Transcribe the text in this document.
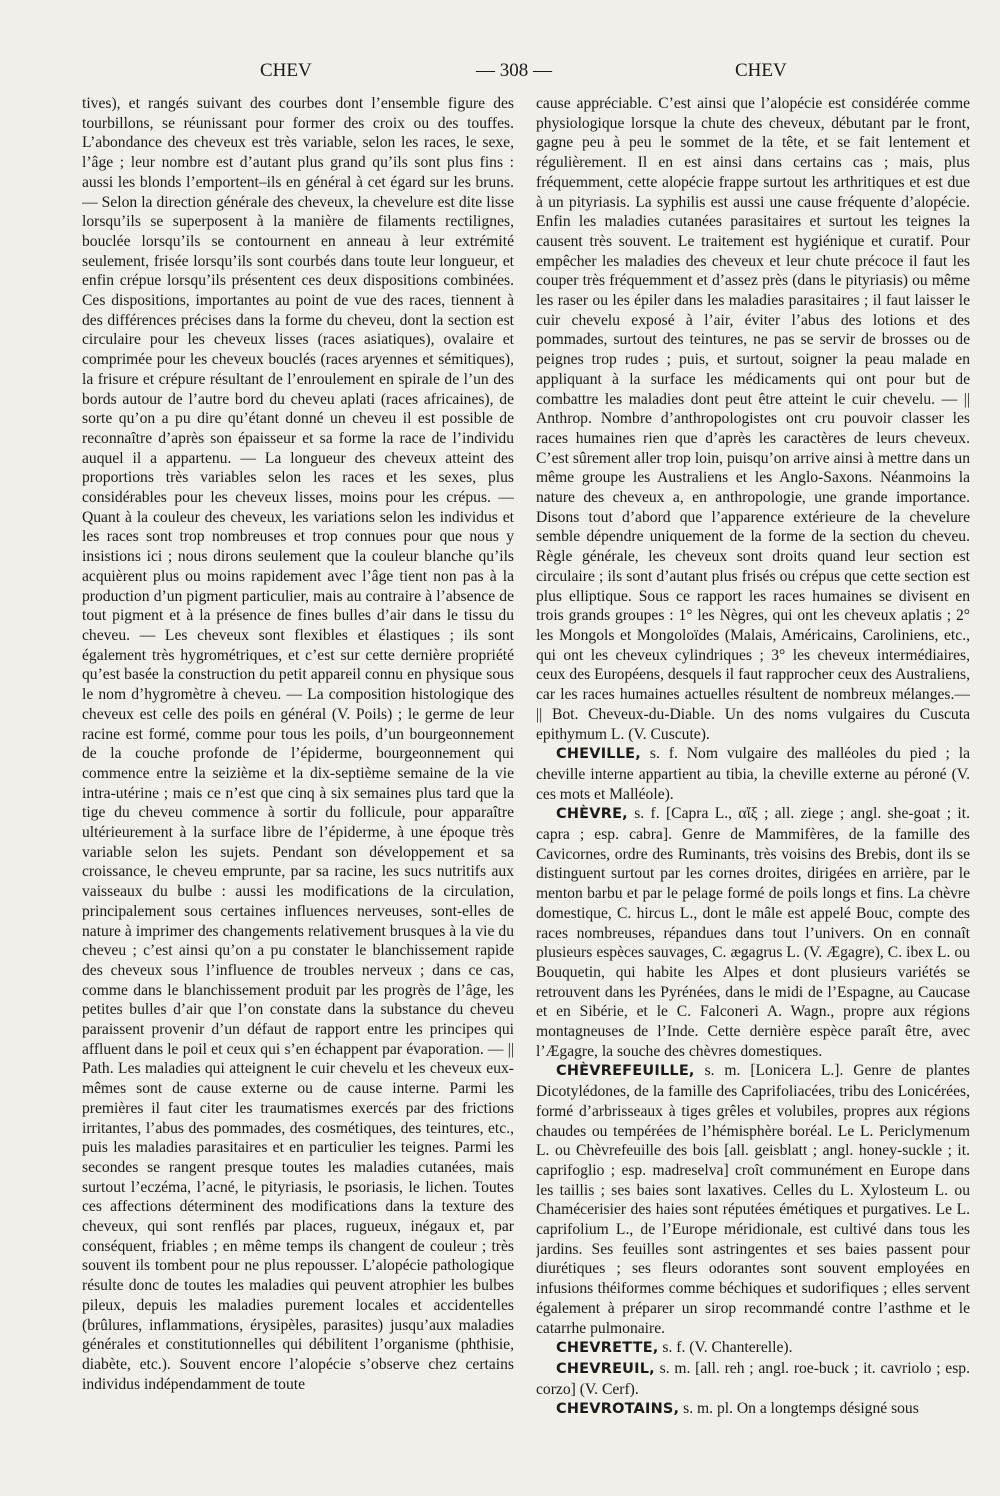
CHEV	— 308 —	CHEV

tives), et rangés suivant des courbes dont l’ensemble figure des tourbillons, se réunissant pour former des croix ou des touffes. L’abondance des cheveux est très variable, selon les races, le sexe, l’âge ; leur nombre est d’autant plus grand qu’ils sont plus fins : aussi les blonds l’emportent–ils en général à cet égard sur les bruns. — Selon la direction générale des cheveux, la chevelure est dite lisse lorsqu’ils se superposent à la manière de filaments rectilignes, bouclée lorsqu’ils se contournent en anneau à leur extrémité seulement, frisée lorsqu’ils sont courbés dans toute leur longueur, et enfin crépue lorsqu’ils présentent ces deux dispositions combinées. Ces dispositions, importantes au point de vue des races, tiennent à des différences précises dans la forme du cheveu, dont la section est circulaire pour les cheveux lisses (races asiatiques), ovalaire et comprimée pour les cheveux bouclés (races aryennes et sémitiques), la frisure et crépure résultant de l’enroulement en spirale de l’un des bords autour de l’autre bord du cheveu aplati (races africaines), de sorte qu’on a pu dire qu’étant donné un cheveu il est possible de reconnaître d’après son épaisseur et sa forme la race de l’individu auquel il a appartenu. — La longueur des cheveux atteint des proportions très variables selon les races et les sexes, plus considérables pour les cheveux lisses, moins pour les crépus. — Quant à la couleur des cheveux, les variations selon les individus et les races sont trop nombreuses et trop connues pour que nous y insistions ici ; nous dirons seulement que la couleur blanche qu’ils acquièrent plus ou moins rapidement avec l’âge tient non pas à la production d’un pigment particulier, mais au contraire à l’absence de tout pigment et à la présence de fines bulles d’air dans le tissu du cheveu. — Les cheveux sont flexibles et élastiques ; ils sont également très hygrométriques, et c’est sur cette dernière propriété qu’est basée la construction du petit appareil connu en physique sous le nom d’hygromètre à cheveu. — La composition histologique des cheveux est celle des poils en général (V. Poils) ; le germe de leur racine est formé, comme pour tous les poils, d’un bourgeonnement de la couche profonde de l’épiderme, bourgeonnement qui commence entre la seizième et la dix-septième semaine de la vie intra-utérine ; mais ce n’est que cinq à six semaines plus tard que la tige du cheveu commence à sortir du follicule, pour apparaître ultérieurement à la surface libre de l’épiderme, à une époque très variable selon les sujets. Pendant son développement et sa croissance, le cheveu emprunte, par sa racine, les sucs nutritifs aux vaisseaux du bulbe : aussi les modifications de la circulation, principalement sous certaines influences nerveuses, sont-elles de nature à imprimer des changements relativement brusques à la vie du cheveu ; c’est ainsi qu’on a pu constater le blanchissement rapide des cheveux sous l’influence de troubles nerveux ; dans ce cas, comme dans le blanchissement produit par les progrès de l’âge, les petites bulles d’air que l’on constate dans la substance du cheveu paraissent provenir d’un défaut de rapport entre les principes qui affluent dans le poil et ceux qui s’en échappent par évaporation. — || Path. Les maladies qui atteignent le cuir chevelu et les cheveux eux-mêmes sont de cause externe ou de cause interne. Parmi les premières il faut citer les traumatismes exercés par des frictions irritantes, l’abus des pommades, des cosmétiques, des teintures, etc., puis les maladies parasitaires et en particulier les teignes. Parmi les secondes se rangent presque toutes les maladies cutanées, mais surtout l’eczéma, l’acné, le pityriasis, le psoriasis, le lichen. Toutes ces affections déterminent des modifications dans la texture des cheveux, qui sont renflés par places, rugueux, inégaux et, par conséquent, friables ; en même temps ils changent de couleur ; très souvent ils tombent pour ne plus repousser. L’alopécie pathologique résulte donc de toutes les maladies qui peuvent atrophier les bulbes pileux, depuis les maladies purement locales et accidentelles (brûlures, inflammations, érysipèles, parasites) jusqu’aux maladies générales et constitutionnelles qui débilitent l’organisme (phthisie, diabète, etc.). Souvent encore l’alopécie s’observe chez certains individus indépendamment de toute

cause appréciable. C’est ainsi que l’alopécie est considérée comme physiologique lorsque la chute des cheveux, débutant par le front, gagne peu à peu le sommet de la tête, et se fait lentement et régulièrement. Il en est ainsi dans certains cas ; mais, plus fréquemment, cette alopécie frappe surtout les arthritiques et est due à un pityriasis. La syphilis est aussi une cause fréquente d’alopécie. Enfin les maladies cutanées parasitaires et surtout les teignes la causent très souvent. Le traitement est hygiénique et curatif. Pour empêcher les maladies des cheveux et leur chute précoce il faut les couper très fréquemment et d’assez près (dans le pityriasis) ou même les raser ou les épiler dans les maladies parasitaires ; il faut laisser le cuir chevelu exposé à l’air, éviter l’abus des lotions et des pommades, surtout des teintures, ne pas se servir de brosses ou de peignes trop rudes ; puis, et surtout, soigner la peau malade en appliquant à la surface les médicaments qui ont pour but de combattre les maladies dont peut être atteint le cuir chevelu. — || Anthrop. Nombre d’anthropologistes ont cru pouvoir classer les races humaines rien que d’après les caractères de leurs cheveux. C’est sûrement aller trop loin, puisqu’on arrive ainsi à mettre dans un même groupe les Australiens et les Anglo-Saxons. Néanmoins la nature des cheveux a, en anthropologie, une grande importance. Disons tout d’abord que l’apparence extérieure de la chevelure semble dépendre uniquement de la forme de la section du cheveu. Règle générale, les cheveux sont droits quand leur section est circulaire ; ils sont d’autant plus frisés ou crépus que cette section est plus elliptique. Sous ce rapport les races humaines se divisent en trois grands groupes : 1° les Nègres, qui ont les cheveux aplatis ; 2° les Mongols et Mongoloïdes (Malais, Américains, Caroliniens, etc., qui ont les cheveux cylindriques ; 3° les cheveux intermédiaires, ceux des Européens, desquels il faut rapprocher ceux des Australiens, car les races humaines actuelles résultent de nombreux mélanges.— || Bot. Cheveux-du-Diable. Un des noms vulgaires du Cuscuta epithymum L. (V. Cuscute).

CHEVILLE, s. f. Nom vulgaire des malléoles du pied ; la cheville interne appartient au tibia, la cheville externe au péroné (V. ces mots et Malléole).

CHÈVRE, s. f. [Capra L., αἴξ ; all. ziege ; angl. she-goat ; it. capra ; esp. cabra]. Genre de Mammifères, de la famille des Cavicornes, ordre des Ruminants, très voisins des Brebis, dont ils se distinguent surtout par les cornes droites, dirigées en arrière, par le menton barbu et par le pelage formé de poils longs et fins. La chèvre domestique, C. hircus L., dont le mâle est appelé Bouc, compte des races nombreuses, répandues dans tout l’univers. On en connaît plusieurs espèces sauvages, C. ægagrus L. (V. Ægagre), C. ibex L. ou Bouquetin, qui habite les Alpes et dont plusieurs variétés se retrouvent dans les Pyrénées, dans le midi de l’Espagne, au Caucase et en Sibérie, et le C. Falconeri A. Wagn., propre aux régions montagneuses de l’Inde. Cette dernière espèce paraît être, avec l’Ægagre, la souche des chèvres domestiques.

CHÈVREFEUILLE, s. m. [Lonicera L.]. Genre de plantes Dicotylédones, de la famille des Caprifoliacées, tribu des Lonicérées, formé d’arbrisseaux à tiges grêles et volubiles, propres aux régions chaudes ou tempérées de l’hémisphère boréal. Le L. Periclymenum L. ou Chèvrefeuille des bois [all. geisblatt ; angl. honey-suckle ; it. caprifoglio ; esp. madreselva] croît communément en Europe dans les taillis ; ses baies sont laxatives. Celles du L. Xylosteum L. ou Chamécerisier des haies sont réputées émétiques et purgatives. Le L. caprifolium L., de l’Europe méridionale, est cultivé dans tous les jardins. Ses feuilles sont astringentes et ses baies passent pour diurétiques ; ses fleurs odorantes sont souvent employées en infusions théiformes comme béchiques et sudorifiques ; elles servent également à préparer un sirop recommandé contre l’asthme et le catarrhe pulmonaire.

CHEVRETTE, s. f. (V. Chanterelle).

CHEVREUIL, s. m. [all. reh ; angl. roe-buck ; it. cavriolo ; esp. corzo] (V. Cerf).

CHEVROTAINS, s. m. pl. On a longtemps désigné sous
